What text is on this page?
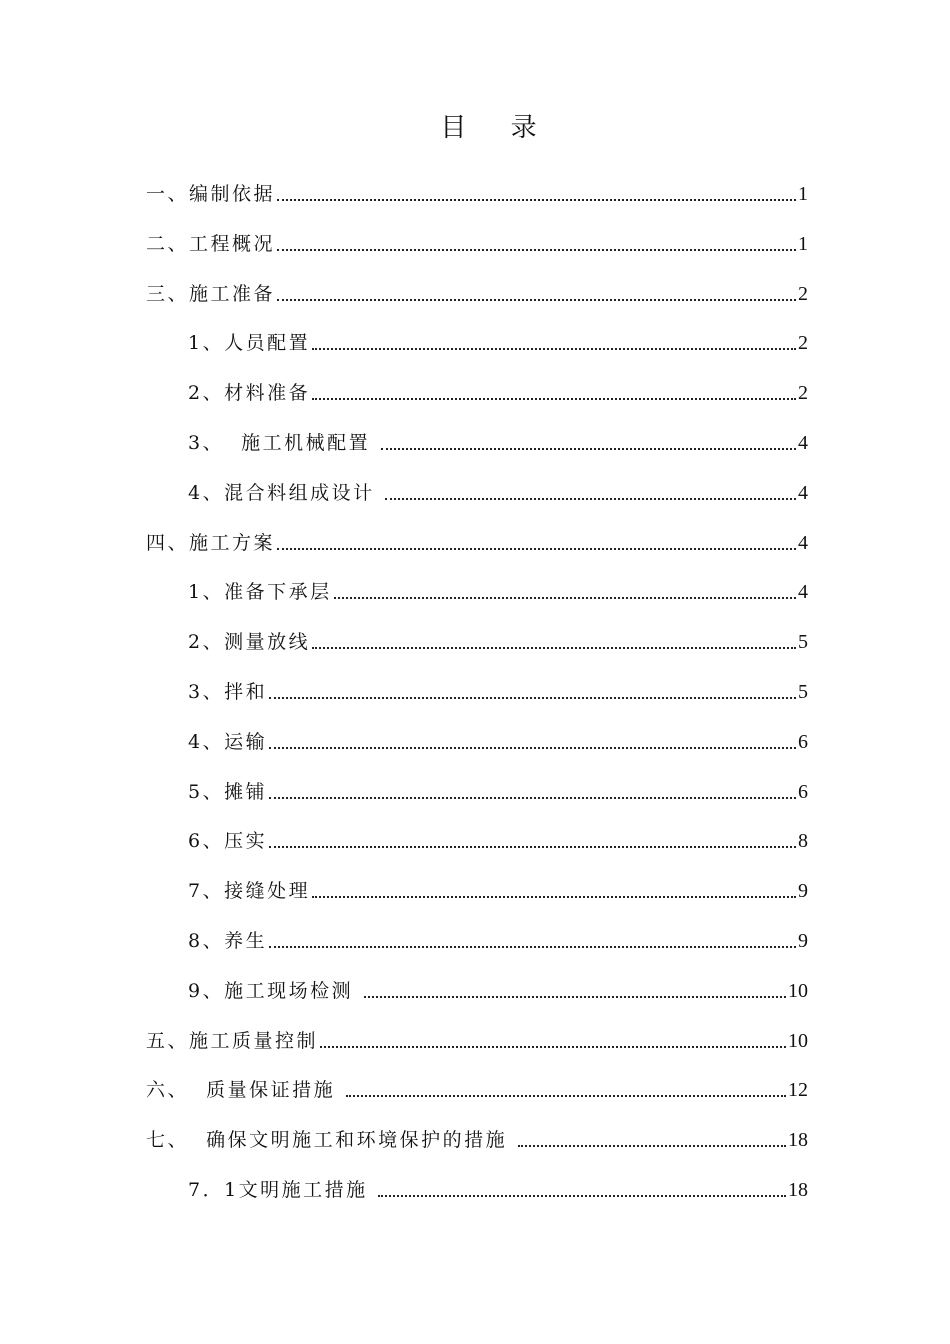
目 录
一、编制依据	1
二、工程概况	1
三、施工准备	2
1、人员配置	2
2、材料准备	2
3、  施工机械配置	4
4、混合料组成设计	4
四、施工方案	4
1、准备下承层	4
2、测量放线	5
3、拌和	5
4、运输	6
5、摊铺	6
6、压实	8
7、接缝处理	9
8、养生	9
9、施工现场检测	10
五、施工质量控制	10
六、  质量保证措施	12
七、  确保文明施工和环境保护的措施	18
7．1文明施工措施	18
